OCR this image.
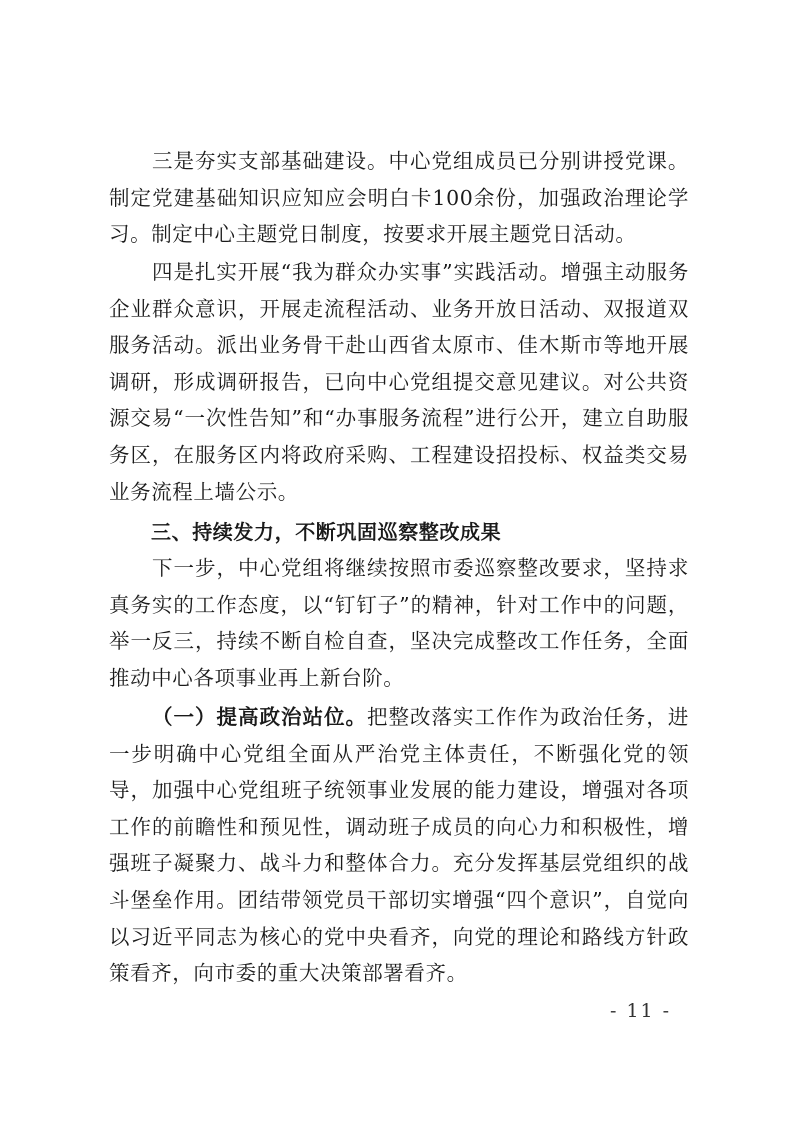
三是夯实支部基础建设。中心党组成员已分别讲授党课。制定党建基础知识应知应会明白卡100余份，加强政治理论学习。制定中心主题党日制度，按要求开展主题党日活动。

四是扎实开展“我为群众办实事”实践活动。增强主动服务企业群众意识，开展走流程活动、业务开放日活动、双报道双服务活动。派出业务骨干赴山西省太原市、佳木斯市等地开展调研，形成调研报告，已向中心党组提交意见建议。对公共资源交易“一次性告知”和“办事服务流程”进行公开，建立自助服务区，在服务区内将政府采购、工程建设招投标、权益类交易业务流程上墙公示。

三、持续发力，不断巩固巡察整改成果

下一步，中心党组将继续按照市委巡察整改要求，坚持求真务实的工作态度，以“钉钉子”的精神，针对工作中的问题，举一反三，持续不断自检自查，坚决完成整改工作任务，全面推动中心各项事业再上新台阶。

（一）提高政治站位。把整改落实工作作为政治任务，进一步明确中心党组全面从严治党主体责任，不断强化党的领导，加强中心党组班子统领事业发展的能力建设，增强对各项工作的前瞻性和预见性，调动班子成员的向心力和积极性，增强班子凝聚力、战斗力和整体合力。充分发挥基层党组织的战斗堡垒作用。团结带领党员干部切实增强“四个意识”，自觉向以习近平同志为核心的党中央看齐，向党的理论和路线方针政策看齐，向市委的重大决策部署看齐。

- 11 -
